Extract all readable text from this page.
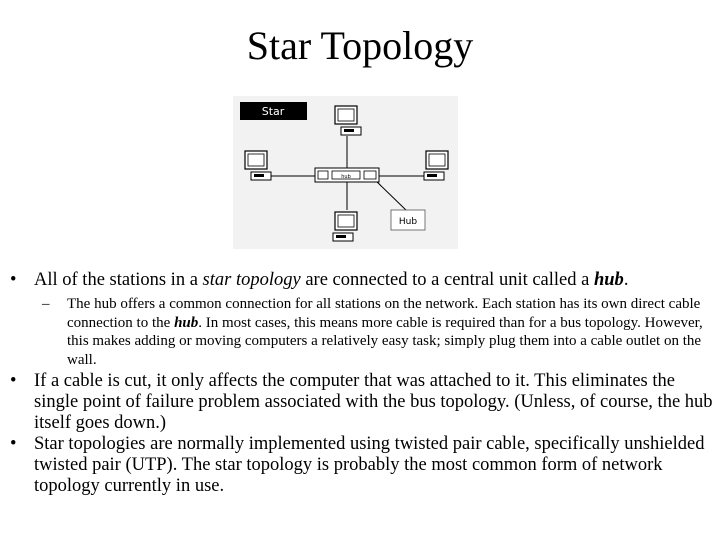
Star Topology
Star
hub
Hub
• All of the stations in a star topology are connected to a central unit called a hub.
– The hub offers a common connection for all stations on the network. Each station has its own direct cable connection to the hub. In most cases, this means more cable is required than for a bus topology. However, this makes adding or moving computers a relatively easy task; simply plug them into a cable outlet on the wall.
• If a cable is cut, it only affects the computer that was attached to it. This eliminates the single point of failure problem associated with the bus topology. (Unless, of course, the hub itself goes down.)
• Star topologies are normally implemented using twisted pair cable, specifically unshielded twisted pair (UTP). The star topology is probably the most common form of network topology currently in use.
